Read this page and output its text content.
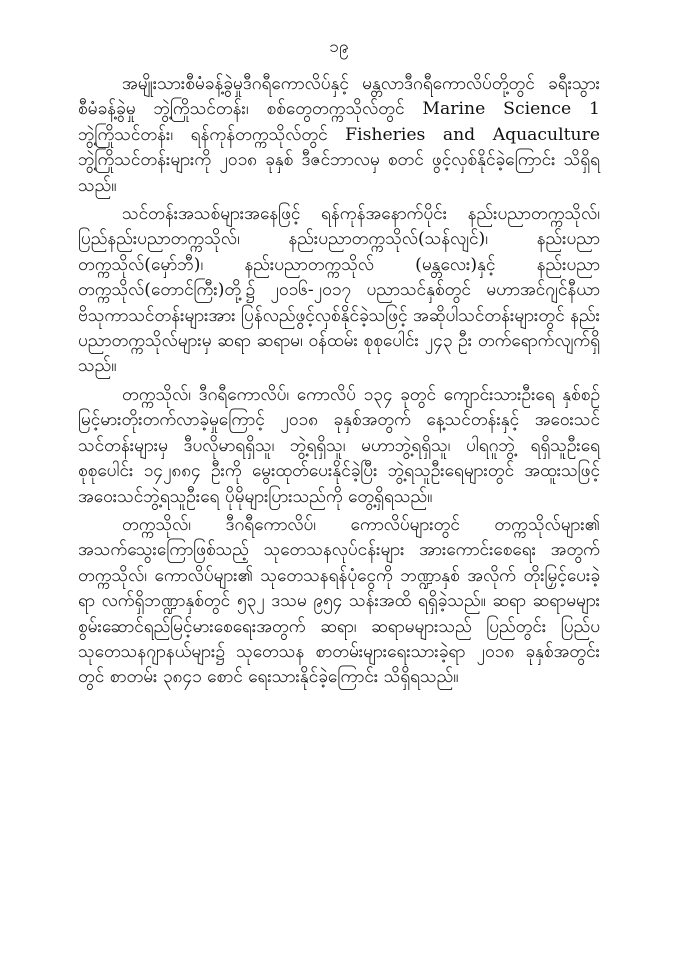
၁၉

အမျိုးသားစီမံခန့်ခွဲမှုဒီဂရီကောလိပ်နှင့် မန္တလာဒီဂရီကောလိပ်တို့တွင် ခရီးသွားစီမံခန့်ခွဲမှု ဘွဲ့ကြိုသင်တန်း၊ စစ်တွေတက္ကသိုလ်တွင် Marine Science 1 ဘွဲ့ကြိုသင်တန်း၊ ရန်ကုန်တက္ကသိုလ်တွင် Fisheries and Aquaculture ဘွဲ့ကြိုသင်တန်းများကို ၂၀၁၈ ခုနှစ် ဒီဇင်ဘာလမှ စတင် ဖွင့်လှစ်နိုင်ခဲ့ကြောင်း သိရှိရသည်။

သင်တန်းအသစ်များအနေဖြင့် ရန်ကုန်အနောက်ပိုင်း နည်းပညာတက္ကသိုလ်၊ ပြည်နည်းပညာတက္ကသိုလ်၊ နည်းပညာတက္ကသိုလ်(သန်လျင်)၊ နည်းပညာတက္ကသိုလ်(မှော်ဘီ)၊ နည်းပညာတက္ကသိုလ် (မန္တလေး)နှင့် နည်းပညာတက္ကသိုလ်(တောင်ကြီး)တို့၌ ၂၀၁၆-၂၀၁၇ ပညာသင်နှစ်တွင် မဟာအင်ဂျင်နီယာ ဗိသုကာသင်တန်းများအား ပြန်လည်ဖွင့်လှစ်နိုင်ခဲ့သဖြင့် အဆိုပါသင်တန်းများတွင် နည်းပညာတက္ကသိုလ်များမှ ဆရာ ဆရာမ၊ ဝန်ထမ်း စုစုပေါင်း ၂၄၃ ဦး တက်ရောက်လျက်ရှိသည်။

တက္ကသိုလ်၊ ဒီဂရီကောလိပ်၊ ကောလိပ် ၁၃၄ ခုတွင် ကျောင်းသားဦးရေ နှစ်စဉ် မြင့်မားတိုးတက်လာခဲ့မှုကြောင့် ၂၀၁၈ ခုနှစ်အတွက် နေ့သင်တန်းနှင့် အဝေးသင်သင်တန်းများမှ ဒီပလိုမာရရှိသူ၊ ဘွဲ့ရရှိသူ၊ မဟာဘွဲ့ရရှိသူ၊ ပါရဂူဘွဲ့ ရရှိသူဦးရေ စုစုပေါင်း ၁၄၂၈၈၄ ဦးကို မွေးထုတ်ပေးနိုင်ခဲ့ပြီး ဘွဲ့ရသူဦးရေများတွင် အထူးသဖြင့် အဝေးသင်ဘွဲ့ရသူဦးရေ ပိုမိုများပြားသည်ကို တွေ့ရှိရသည်။

တက္ကသိုလ်၊ ဒီဂရီကောလိပ်၊ ကောလိပ်များတွင် တက္ကသိုလ်များ၏ အသက်သွေးကြောဖြစ်သည့် သုတေသနလုပ်ငန်းများ အားကောင်းစေရေး အတွက် တက္ကသိုလ်၊ ကောလိပ်များ၏ သုတေသနရန်ပုံငွေကို ဘဏ္ဍာနှစ် အလိုက် တိုးမြှင့်ပေးခဲ့ရာ လက်ရှိဘဏ္ဍာနှစ်တွင် ၅၃၂ ဒသမ ၉၅၄ သန်းအထိ ရရှိခဲ့သည်။ ဆရာ ဆရာမများ စွမ်းဆောင်ရည်မြင့်မားစေရေးအတွက် ဆရာ၊ ဆရာမများသည် ပြည်တွင်း ပြည်ပ သုတေသနဂျာနယ်များ၌ သုတေသန စာတမ်းများရေးသားခဲ့ရာ ၂၀၁၈ ခုနှစ်အတွင်းတွင် စာတမ်း ၃၈၄၁ စောင် ရေးသားနိုင်ခဲ့ကြောင်း သိရှိရသည်။
